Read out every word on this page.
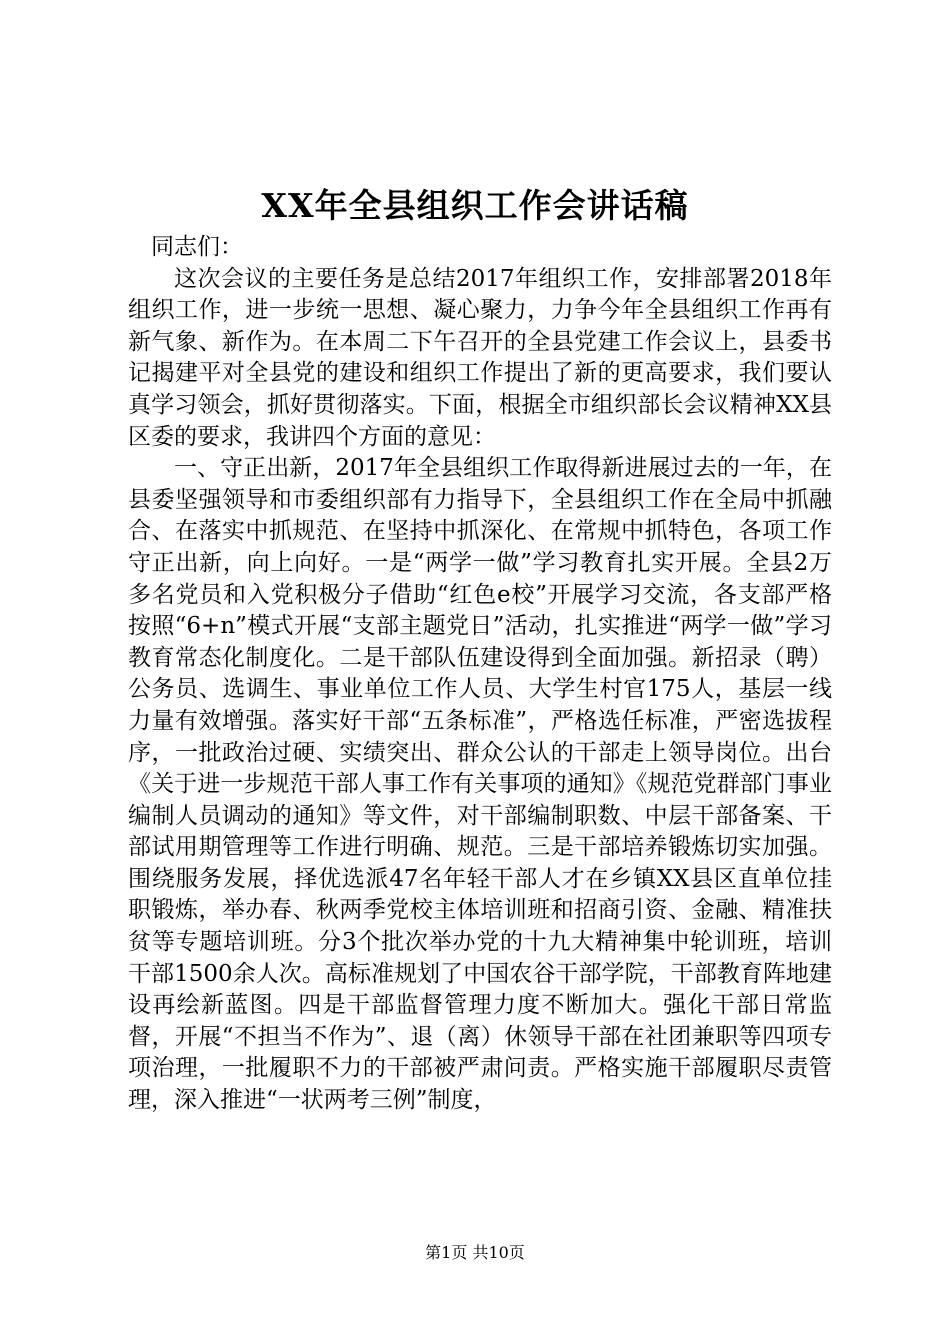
XX年全县组织工作会讲话稿

同志们：

这次会议的主要任务是总结2017年组织工作，安排部署2018年组织工作，进一步统一思想、凝心聚力，力争今年全县组织工作再有新气象、新作为。在本周二下午召开的全县党建工作会议上，县委书记揭建平对全县党的建设和组织工作提出了新的更高要求，我们要认真学习领会，抓好贯彻落实。下面，根据全市组织部长会议精神XX县区委的要求，我讲四个方面的意见：

一、守正出新，2017年全县组织工作取得新进展过去的一年，在县委坚强领导和市委组织部有力指导下，全县组织工作在全局中抓融合、在落实中抓规范、在坚持中抓深化、在常规中抓特色，各项工作守正出新，向上向好。一是“两学一做”学习教育扎实开展。全县2万多名党员和入党积极分子借助“红色e校”开展学习交流，各支部严格按照“6+n”模式开展“支部主题党日”活动，扎实推进“两学一做”学习教育常态化制度化。二是干部队伍建设得到全面加强。新招录（聘）公务员、选调生、事业单位工作人员、大学生村官175人，基层一线力量有效增强。落实好干部“五条标准”，严格选任标准，严密选拔程序，一批政治过硬、实绩突出、群众公认的干部走上领导岗位。出台《关于进一步规范干部人事工作有关事项的通知》《规范党群部门事业编制人员调动的通知》等文件，对干部编制职数、中层干部备案、干部试用期管理等工作进行明确、规范。三是干部培养锻炼切实加强。围绕服务发展，择优选派47名年轻干部人才在乡镇XX县区直单位挂职锻炼，举办春、秋两季党校主体培训班和招商引资、金融、精准扶贫等专题培训班。分3个批次举办党的十九大精神集中轮训班，培训干部1500余人次。高标准规划了中国农谷干部学院，干部教育阵地建设再绘新蓝图。四是干部监督管理力度不断加大。强化干部日常监督，开展“不担当不作为”、退（离）休领导干部在社团兼职等四项专项治理，一批履职不力的干部被严肃问责。严格实施干部履职尽责管理，深入推进“一状两考三例”制度，

第1页 共10页
